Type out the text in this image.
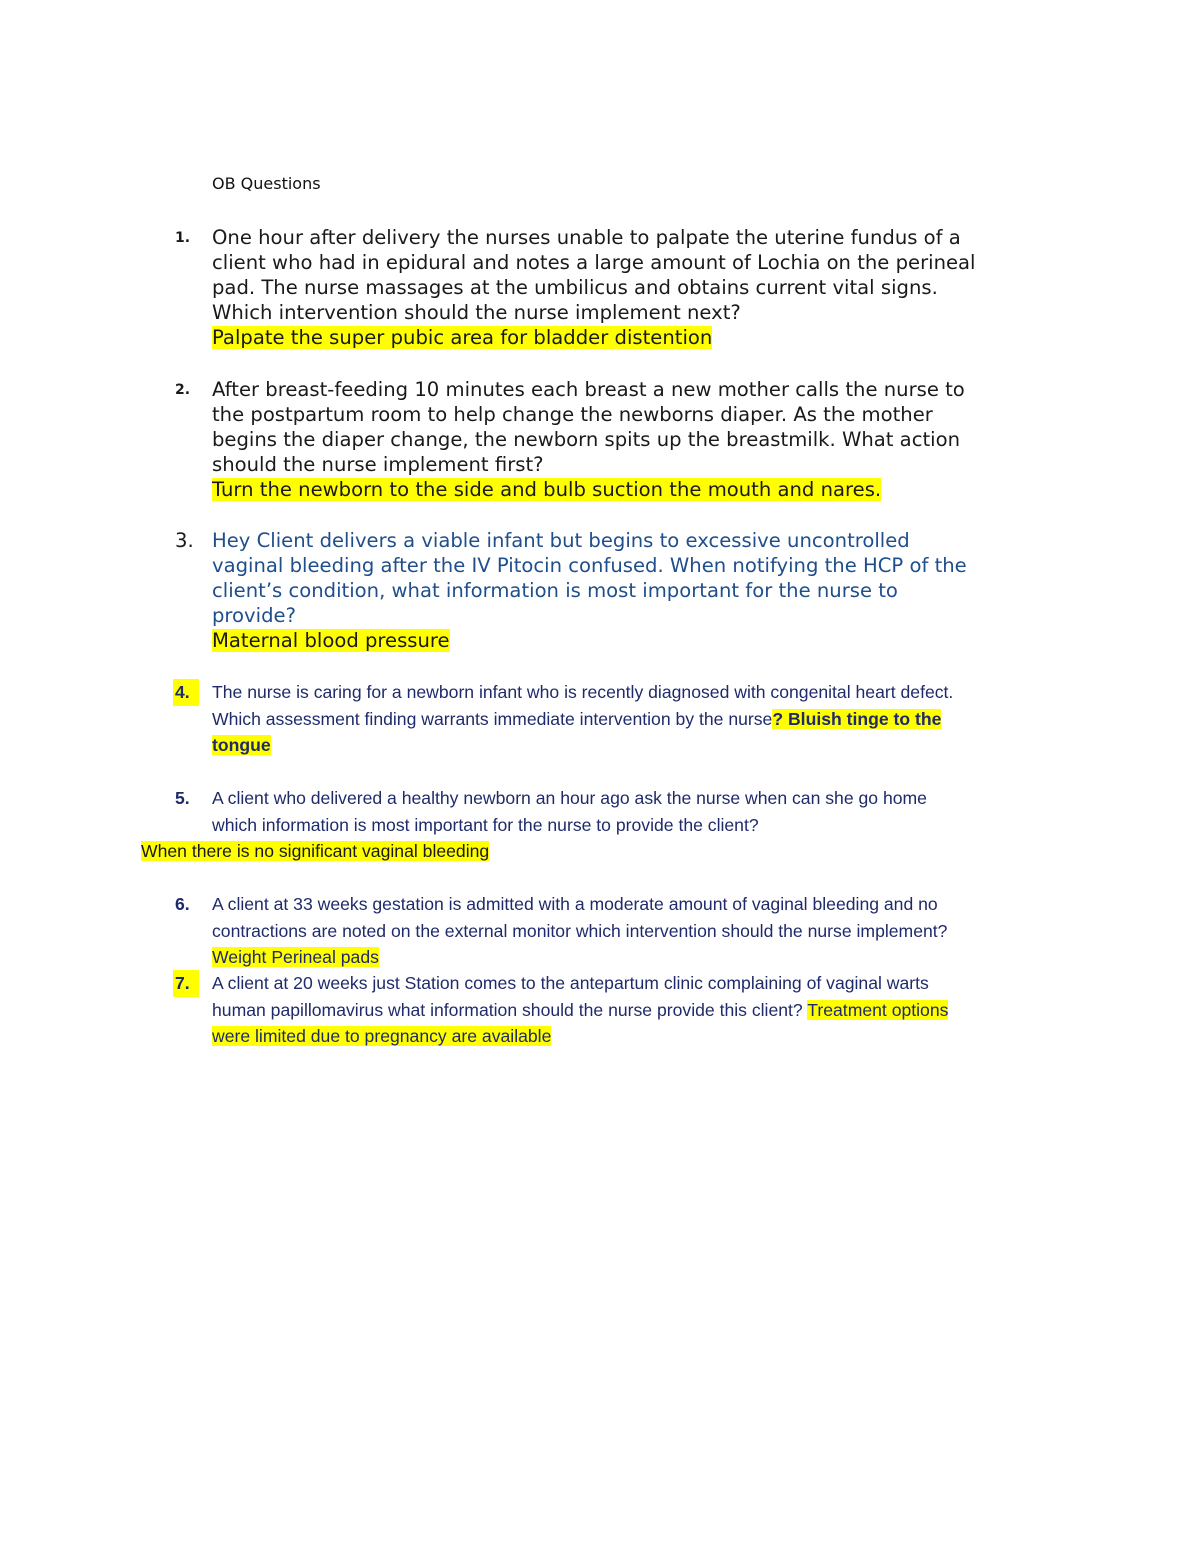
OB Questions
1. One hour after delivery the nurses unable to palpate the uterine fundus of a
client who had in epidural and notes a large amount of Lochia on the perineal
pad. The nurse massages at the umbilicus and obtains current vital signs.
Which intervention should the nurse implement next?
Palpate the super pubic area for bladder distention
2. After breast-feeding 10 minutes each breast a new mother calls the nurse to
the postpartum room to help change the newborns diaper. As the mother
begins the diaper change, the newborn spits up the breastmilk. What action
should the nurse implement first?
Turn the newborn to the side and bulb suction the mouth and nares.
3. Hey Client delivers a viable infant but begins to excessive uncontrolled
vaginal bleeding after the IV Pitocin confused. When notifying the HCP of the
client’s condition, what information is most important for the nurse to
provide?
Maternal blood pressure
4.	The nurse is caring for a newborn infant who is recently diagnosed with congenital heart defect.
Which assessment finding warrants immediate intervention by the nurse? Bluish tinge to the
tongue
5. A client who delivered a healthy newborn an hour ago ask the nurse when can she go home
which information is most important for the nurse to provide the client?
When there is no significant vaginal bleeding
6. A client at 33 weeks gestation is admitted with a moderate amount of vaginal bleeding and no
contractions are noted on the external monitor which intervention should the nurse implement?
Weight Perineal pads
7.	A client at 20 weeks just Station comes to the antepartum clinic complaining of vaginal warts
human papillomavirus what information should the nurse provide this client? Treatment options
were limited due to pregnancy are available
